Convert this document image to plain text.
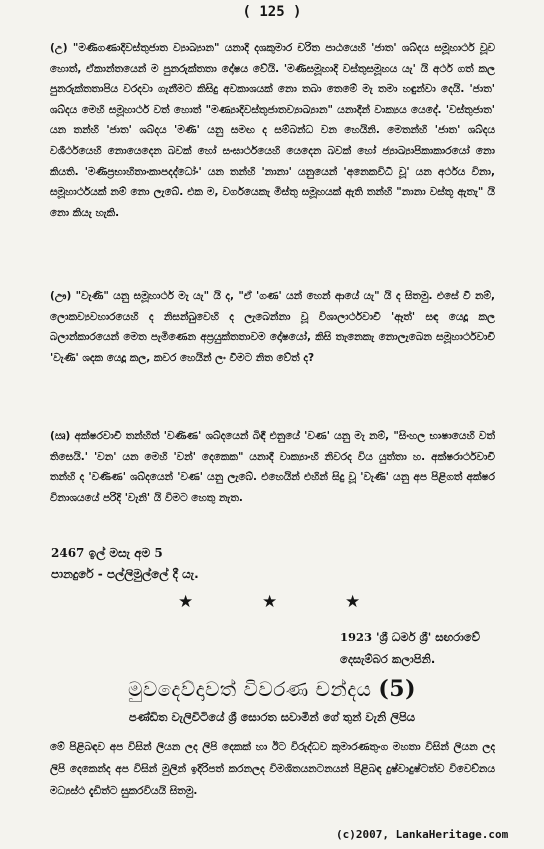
( 125 )

(උ) "මණිගණාදිවස්තුජාත ව්‍යාඛ්‍යාන" යනාදි දශකුමාර චරිත පාඨයෙහි 'ජාත' ශබ්දය සමූහාර්ථ වූව හොත්, ඒකාන්තයෙන් ම පුනරුක්තතා දෝෂය වේයි. 'මණිසමූහාදි වස්තුසමූහය යැ' යි අර්ථ ගත් කල පුනරුක්තතාපිය වරදවා ගැනීමට කිසිදු අවකාශයක් නො තබා තෙමේ මැ තමා හඳුන්වා දෙයි. 'ජාත' ශබ්දය මෙහි සමූහාර්ථ වත් හොත් "මණ්‍යාදිවස්තුජාතව්‍යාඛ්‍යාන" යනාදීන් වාක්‍යය යෙදේ. 'වස්තුජාත' යන තන්හි 'ජාත' ශබ්දය 'මණි' යනු සමඟ ද සම්බන්ධ වන හෙයිනි. මෙතන්හි 'ජාත' ශබ්දය වශීර්ථයෙහි නොයෙදෙන බවක් හෝ සංඝාර්ථයෙහි යෙදෙන බවක් හෝ ජ්‍යාඛ්‍යාපිකාකාරයෝ නො කියති. 'මණිප්‍රභාහිතාංකාපදද්ධෝං' යන තන්හි 'නානා' යනුයෙන් 'අනෙකවිධී වූ' යන අර්ථය විනා, සමූහාර්ථයක් නම් නො ලැබේ. එක ම, වර්ගයෙකැ මිස්තු සමූහයක් ඇති තන්හි "නානා වස්තූ ඇතැ" යි නො කියැ හැකි.

(ඌ) "වැණි" යනු සමූහාර්ථ මැ යැ" යි ද, "ඒ 'ගණ' යන් හෙන් ආයේ යැ" යි ද සිතමු. එසේ වී නම්, ලොකව්‍යවහාරයෙහි ද නිසන්බුවෙහි ද ලැබෙන්නා වූ විශාලාර්ථවාචී 'ඈත්' සඳ යෙදූ කල බලාන්කාරයෙන් මෙත පැමිණෙන අප්‍රයුක්තතාවම දෝෂයෝ, කිසි තැනෙකැ නොලැබෙන සමූහාර්ථවාචී 'වැණි' ශදක යෙදූ කල, කවර හෙයින් ලං වීමට නිත වේත් ද?

(ඍ) අක්ෂරවාචී තන්හිත් 'වණිණ' ශබ්දයෙන් බිඳී එනුයේ 'වණ' යනු මැ නම්, "සිංහල භාෂායෙහි වත් තිසෙයි.' 'වන' යන මෙහි 'වන්' දෙකෙක" යනාදී වාක්‍යාංහි නිවරද විය යුත්තා හ. අක්ෂරාර්ථවාචී තන්හි ද 'වණිණ' ශබ්දයෙන් 'වණ' යනු ලැබේ. එහෙයින් එහින් සිදු වූ 'වැණි' යනු අප පිළිගත් අක්ෂර විනාශයයේ පරිදි 'වැනි' යි විමට හෙතු නැත.

2467 ඉල් මසැ අම 5
පානදුරේ - පල්ලිමුල්ලේ දී යැ.
★	★	★
1923 'ශ්‍රී ධර්ම ශ්‍රී' සඟරාවේ
දෙසැම්බර කලාපිනි.
මුවදෙව්දාවත් විවරණ චන්දය (5)
පණ්ඩිත වැලිවිටියේ ශ්‍රී සොරත සවාමීන් ගේ තුන් වැනි ලිපිය

මේ පිළිබඳව අප විසින් ලියන ලද ලිපි දෙකක් හා ඊට විරුද්ධව කුමාරණතුංග මහතා විසින් ලියන ලද ලිපි දෙකෙන්ද අප විසින් මුලින් ඉදිරිපත් කරනලද විමශිතයනටනයන් පිළිබඳ දුෂ්වාදුෂ්ටත්ව විවෙච්නය මධ්‍යස්ථ දැඩිත්ට සුකරවියයි සිතමු.

(c)2007, LankaHeritage.com
